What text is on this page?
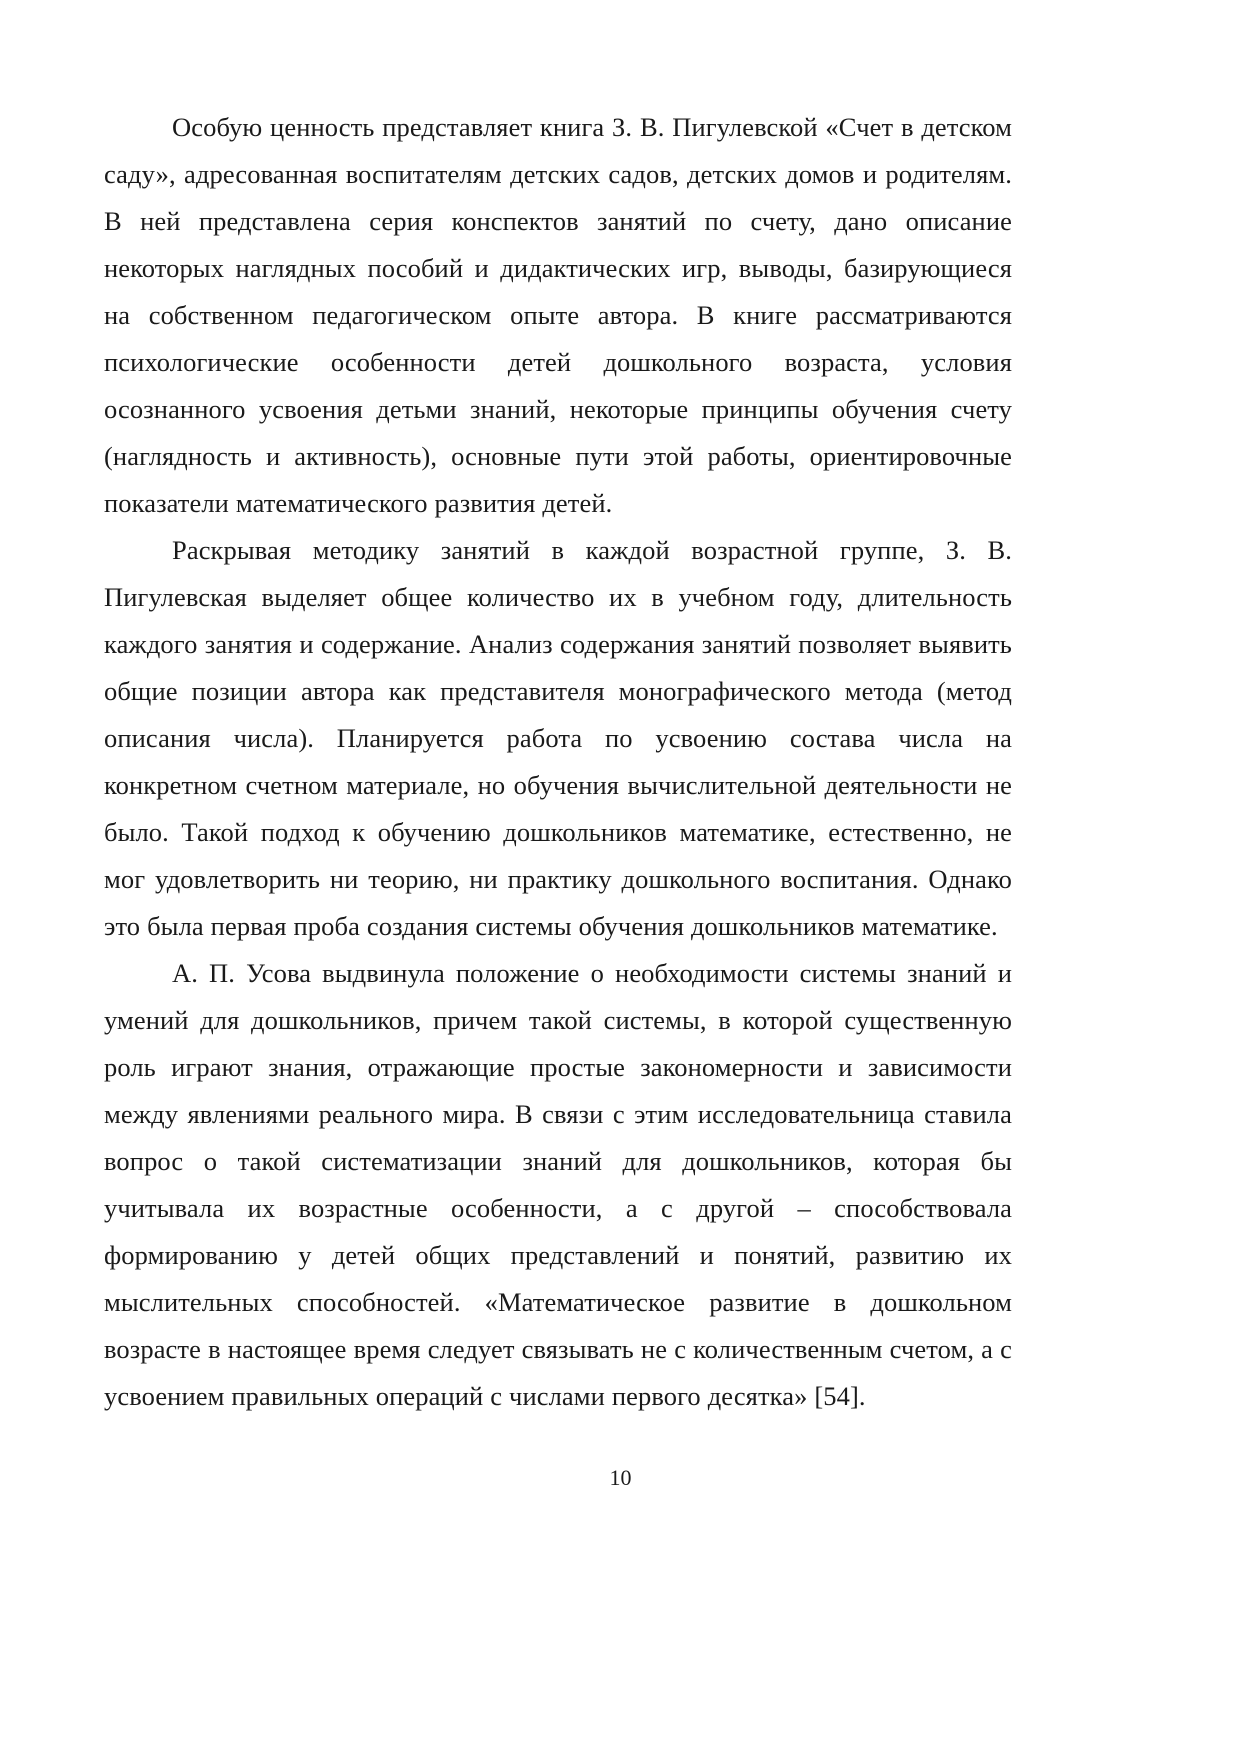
Особую ценность представляет книга З. В. Пигулевской «Счет в детском саду», адресованная воспитателям детских садов, детских домов и родителям. В ней представлена серия конспектов занятий по счету, дано описание некоторых наглядных пособий и дидактических игр, выводы, базирующиеся на собственном педагогическом опыте автора. В книге рассматриваются психологические особенности детей дошкольного возраста, условия осознанного усвоения детьми знаний, некоторые принципы обучения счету (наглядность и активность), основные пути этой работы, ориентировочные показатели математического развития детей.

Раскрывая методику занятий в каждой возрастной группе, З. В. Пигулевская выделяет общее количество их в учебном году, длительность каждого занятия и содержание. Анализ содержания занятий позволяет выявить общие позиции автора как представителя монографического метода (метод описания числа). Планируется работа по усвоению состава числа на конкретном счетном материале, но обучения вычислительной деятельности не было. Такой подход к обучению дошкольников математике, естественно, не мог удовлетворить ни теорию, ни практику дошкольного воспитания. Однако это была первая проба создания системы обучения дошкольников математике.

А. П. Усова выдвинула положение о необходимости системы знаний и умений для дошкольников, причем такой системы, в которой существенную роль играют знания, отражающие простые закономерности и зависимости между явлениями реального мира. В связи с этим исследовательница ставила вопрос о такой систематизации знаний для дошкольников, которая бы учитывала их возрастные особенности, а с другой – способствовала формированию у детей общих представлений и понятий, развитию их мыслительных способностей. «Математическое развитие в дошкольном возрасте в настоящее время следует связывать не с количественным счетом, а с усвоением правильных операций с числами первого десятка» [54].

10
